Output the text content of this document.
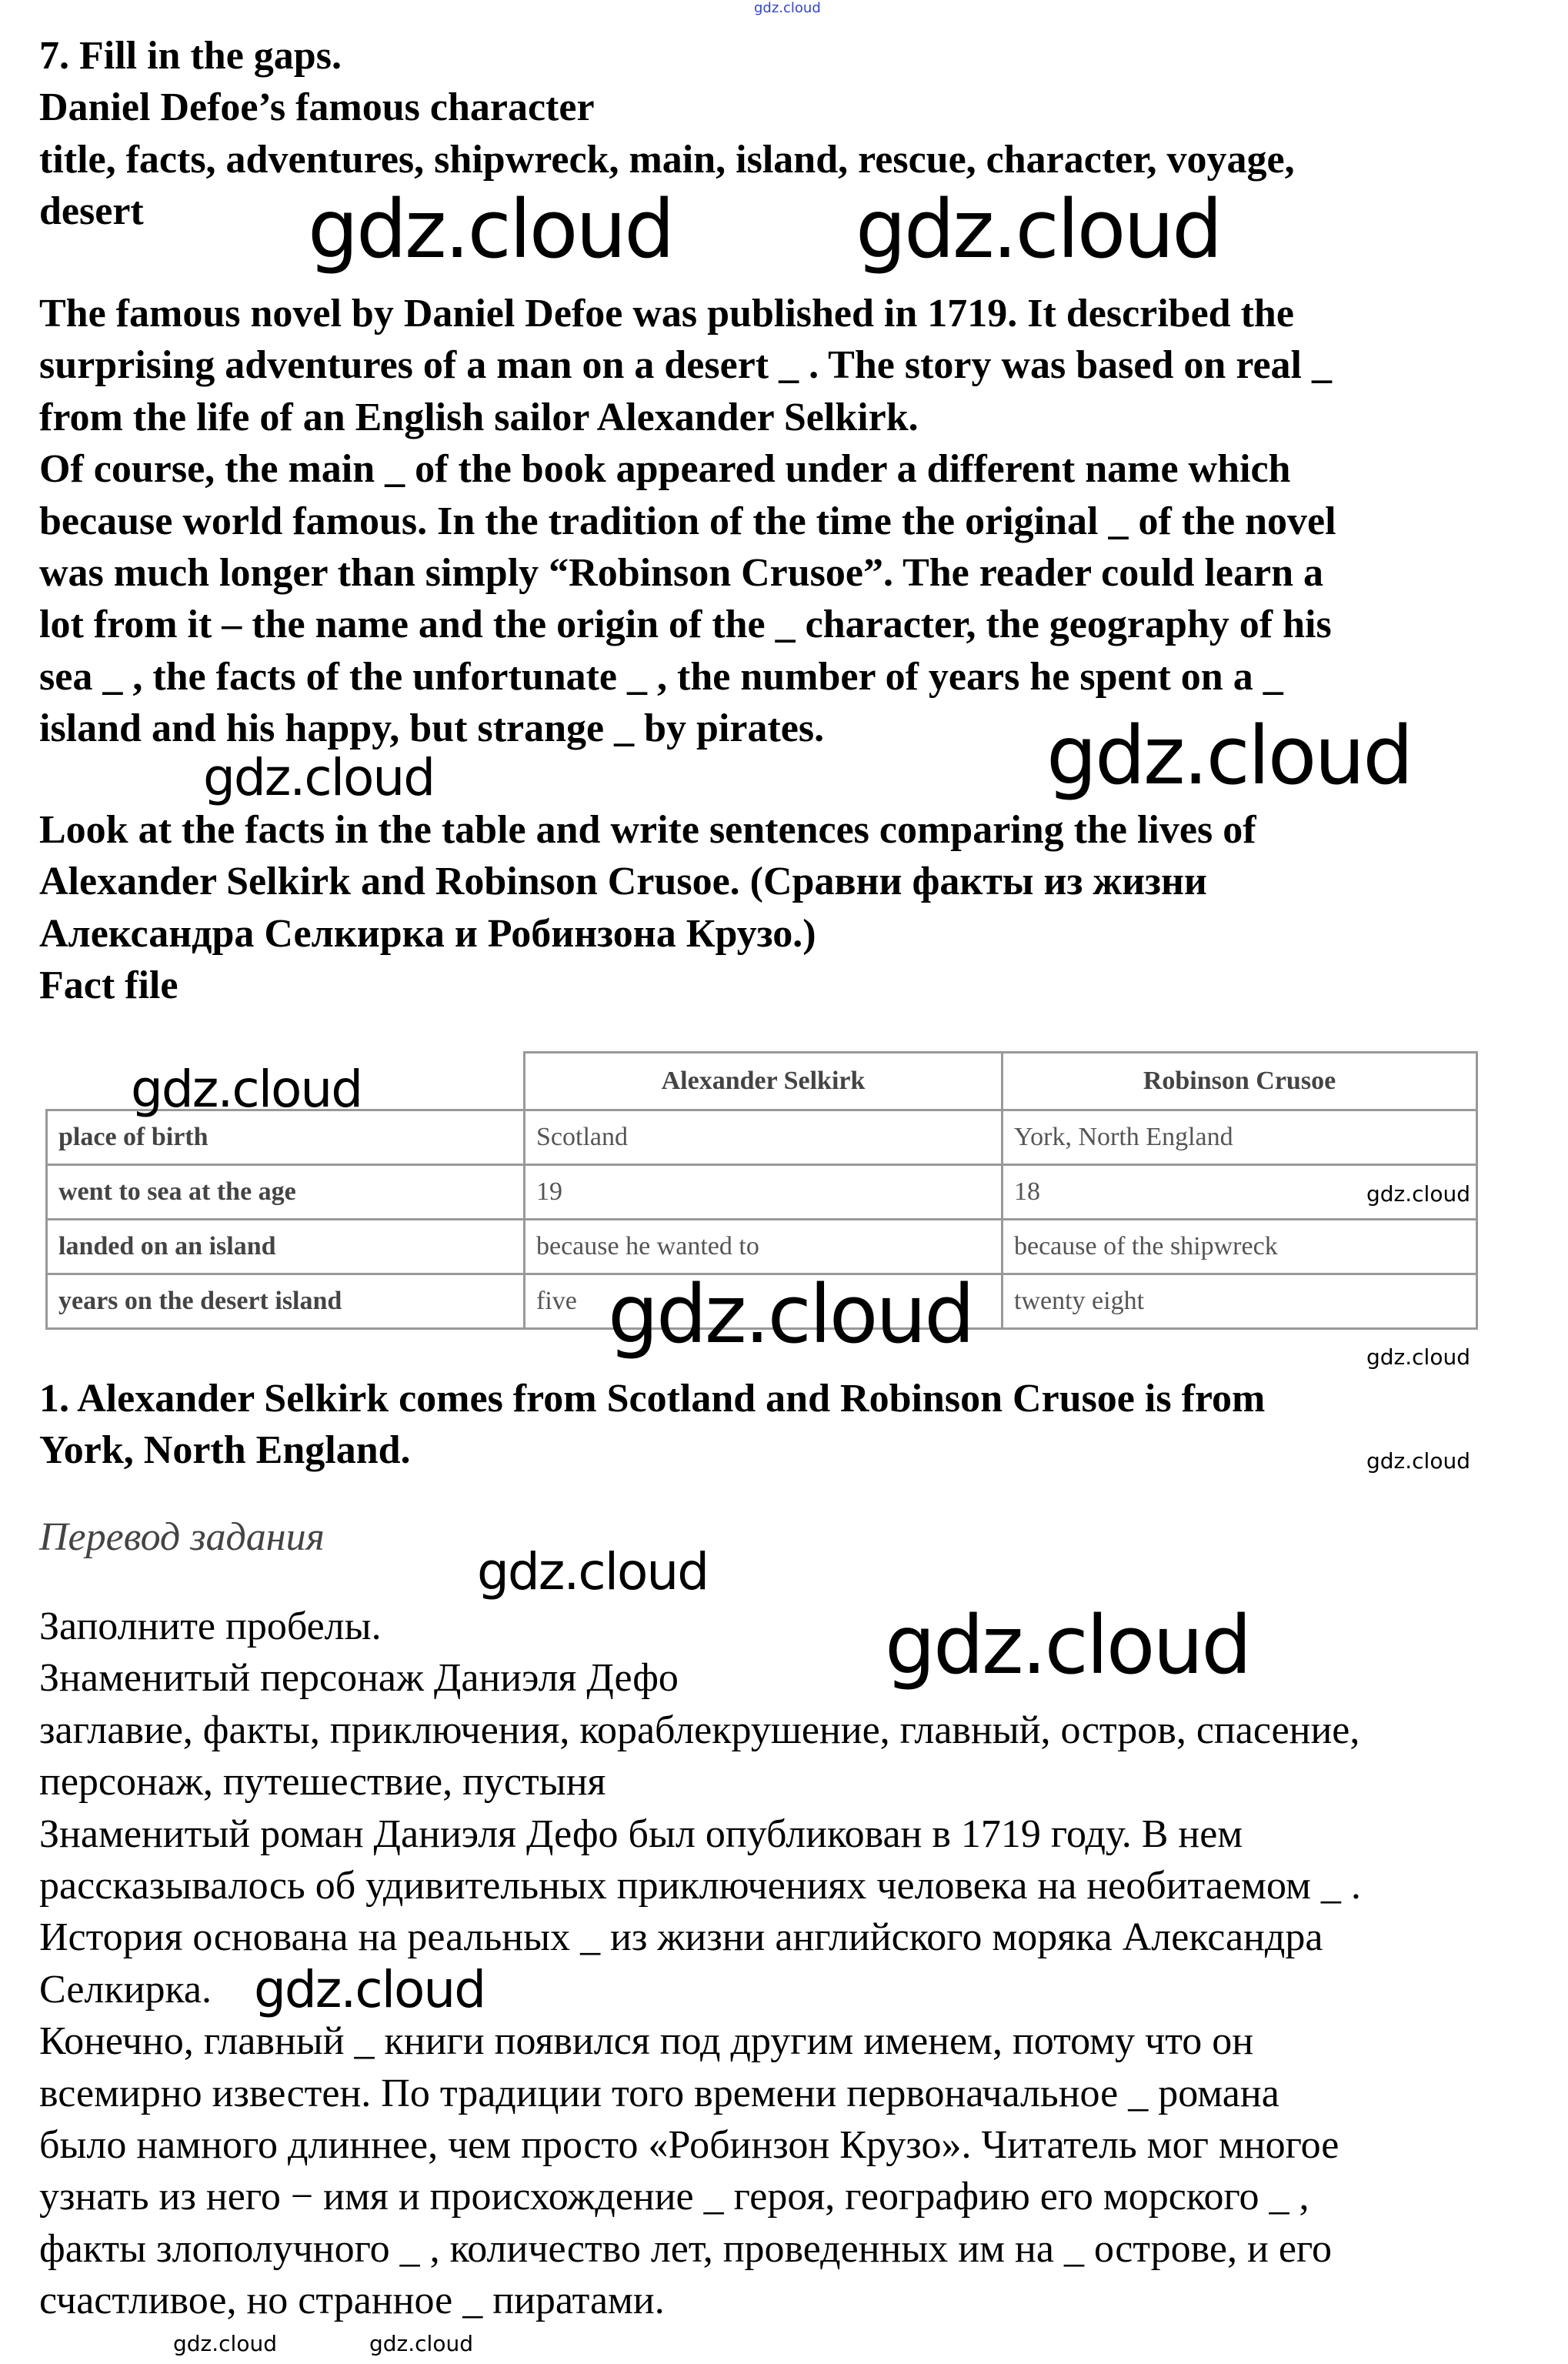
gdz.cloud
7. Fill in the gaps.
Daniel Defoe’s famous character
title, facts, adventures, shipwreck, main, island, rescue, character, voyage,
desert
The famous novel by Daniel Defoe was published in 1719. It described the
surprising adventures of a man on a desert _ . The story was based on real _
from the life of an English sailor Alexander Selkirk.
Of course, the main _ of the book appeared under a different name which
because world famous. In the tradition of the time the original _ of the novel
was much longer than simply “Robinson Crusoe”. The reader could learn a
lot from it – the name and the origin of the _ character, the geography of his
sea _ , the facts of the unfortunate _ , the number of years he spent on a _
island and his happy, but strange _ by pirates.
Look at the facts in the table and write sentences comparing the lives of
Alexander Selkirk and Robinson Crusoe. (Сравни факты из жизни
Александра Селкирка и Робинзона Крузо.)
Fact file
	Alexander Selkirk	Robinson Crusoe
place of birth	Scotland	York, North England
went to sea at the age	19	18
landed on an island	because he wanted to	because of the shipwreck
years on the desert island	five	twenty eight
1. Alexander Selkirk comes from Scotland and Robinson Crusoe is from
York, North England.
Перевод задания
Заполните пробелы.
Знаменитый персонаж Даниэля Дефо
заглавие, факты, приключения, кораблекрушение, главный, остров, спасение,
персонаж, путешествие, пустыня
Знаменитый роман Даниэля Дефо был опубликован в 1719 году. В нем
рассказывалось об удивительных приключениях человека на необитаемом _ .
История основана на реальных _ из жизни английского моряка Александра
Селкирка.
Конечно, главный _ книги появился под другим именем, потому что он
всемирно известен. По традиции того времени первоначальное _ романа
было намного длиннее, чем просто «Робинзон Крузо». Читатель мог многое
узнать из него − имя и происхождение _ героя, географию его морского _ ,
факты злополучного _ , количество лет, проведенных им на _ острове, и его
счастливое, но странное _ пиратами.
gdz.cloud gdz.cloud
gdz.cloud	gdz.cloud
gdz.cloud
gdz.cloud
gdz.cloud	gdz.cloud
gdz.cloud
gdz.cloud
gdz.cloud
gdz.cloud
gdz.cloud	gdz.cloud
